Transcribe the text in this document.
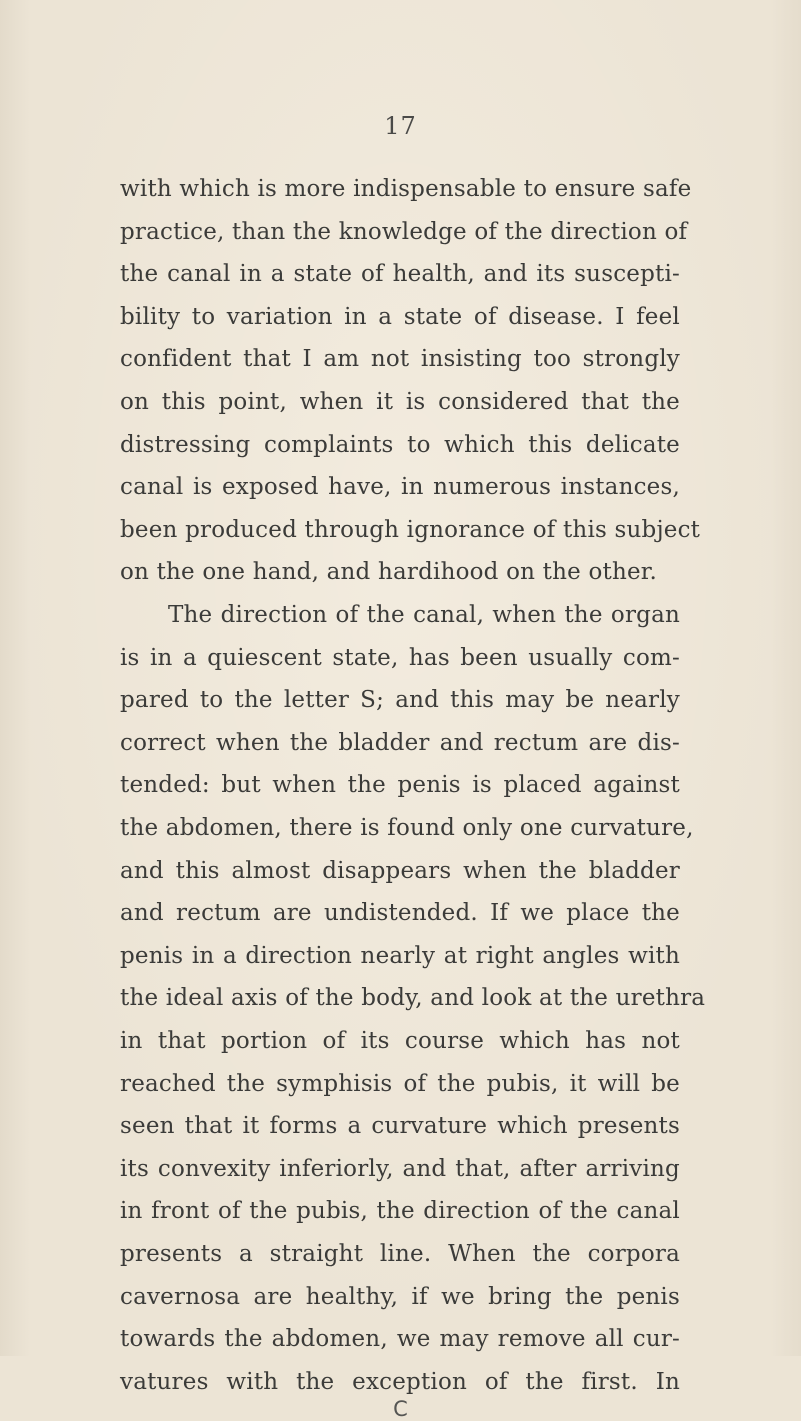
17
with which is more indispensable to ensure safe
practice, than the knowledge of the direction of
the canal in a state of health, and its suscepti-
bility to variation in a state of disease. I feel
confident that I am not insisting too strongly
on this point, when it is considered that the
distressing complaints to which this delicate
canal is exposed have, in numerous instances,
been produced through ignorance of this subject
on the one hand, and hardihood on the other.
The direction of the canal, when the organ
is in a quiescent state, has been usually com-
pared to the letter S; and this may be nearly
correct when the bladder and rectum are dis-
tended: but when the penis is placed against
the abdomen, there is found only one curvature,
and this almost disappears when the bladder
and rectum are undistended. If we place the
penis in a direction nearly at right angles with
the ideal axis of the body, and look at the urethra
in that portion of its course which has not
reached the symphisis of the pubis, it will be
seen that it forms a curvature which presents
its convexity inferiorly, and that, after arriving
in front of the pubis, the direction of the canal
presents a straight line. When the corpora
cavernosa are healthy, if we bring the penis
towards the abdomen, we may remove all cur-
vatures with the exception of the first. In
C
